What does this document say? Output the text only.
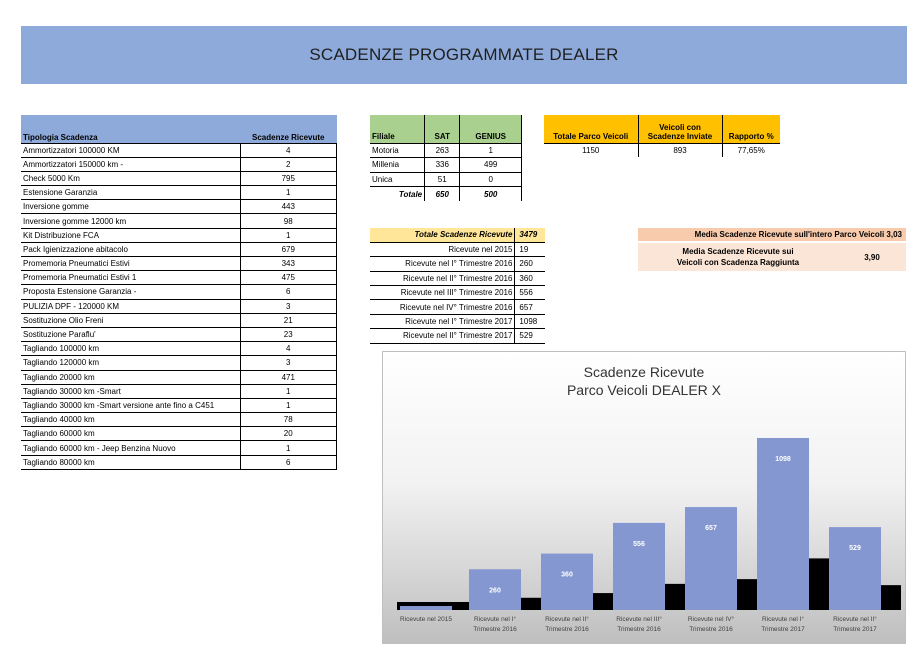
SCADENZE PROGRAMMATE DEALER
Tipologia Scadenza	Scadenze Ricevute
Ammortizzatori 100000 KM	4
Ammortizzatori 150000 km -	2
Check 5000 Km	795
Estensione Garanzia	1
Inversione gomme	443
Inversione gomme 12000 km	98
Kit Distribuzione FCA	1
Pack Igienizzazione abitacolo	679
Promemoria Pneumatici Estivi	343
Promemoria Pneumatici Estivi 1	475
Proposta Estensione Garanzia -	6
PULIZIA DPF - 120000 KM	3
Sostituzione Olio Freni	21
Sostituzione Paraflu'	23
Tagliando 100000 km	4
Tagliando 120000 km	3
Tagliando 20000 km	471
Tagliando 30000 km -Smart	1
Tagliando 30000 km -Smart versione ante fino a C451	1
Tagliando 40000 km	78
Tagliando 60000 km	20
Tagliando 60000 km - Jeep Benzina Nuovo	1
Tagliando 80000 km	6
Filiale	SAT	GENIUS
Motoria	263	1
Millenia	336	499
Unica	51	0
Totale	650	500
Totale Parco Veicoli	Veicoli con Scadenze Inviate	Rapporto %
1150	893	77,65%
Totale Scadenze Ricevute	3479
Ricevute nel 2015	19
Ricevute nel I° Trimestre 2016	260
Ricevute nel II° Trimestre 2016	360
Ricevute nel III° Trimestre 2016	556
Ricevute nel IV° Trimestre 2016	657
Ricevute nel I° Trimestre 2017	1098
Ricevute nel II° Trimestre 2017	529
Media Scadenze Ricevute sull'intero Parco Veicoli
3,03
Media Scadenze Ricevute sui
Veicoli con Scadenza Raggiunta
3,90
Scadenze Ricevute
Parco Veicoli DEALER X
Ricevute nel 2015
260
Ricevute nel I°
Trimestre 2016
360
Ricevute nel II°
Trimestre 2016
556
Ricevute nel III°
Trimestre 2016
657
Ricevute nel IV°
Trimestre 2016
1098
Ricevute nel I°
Trimestre 2017
529
Ricevute nel II°
Trimestre 2017
